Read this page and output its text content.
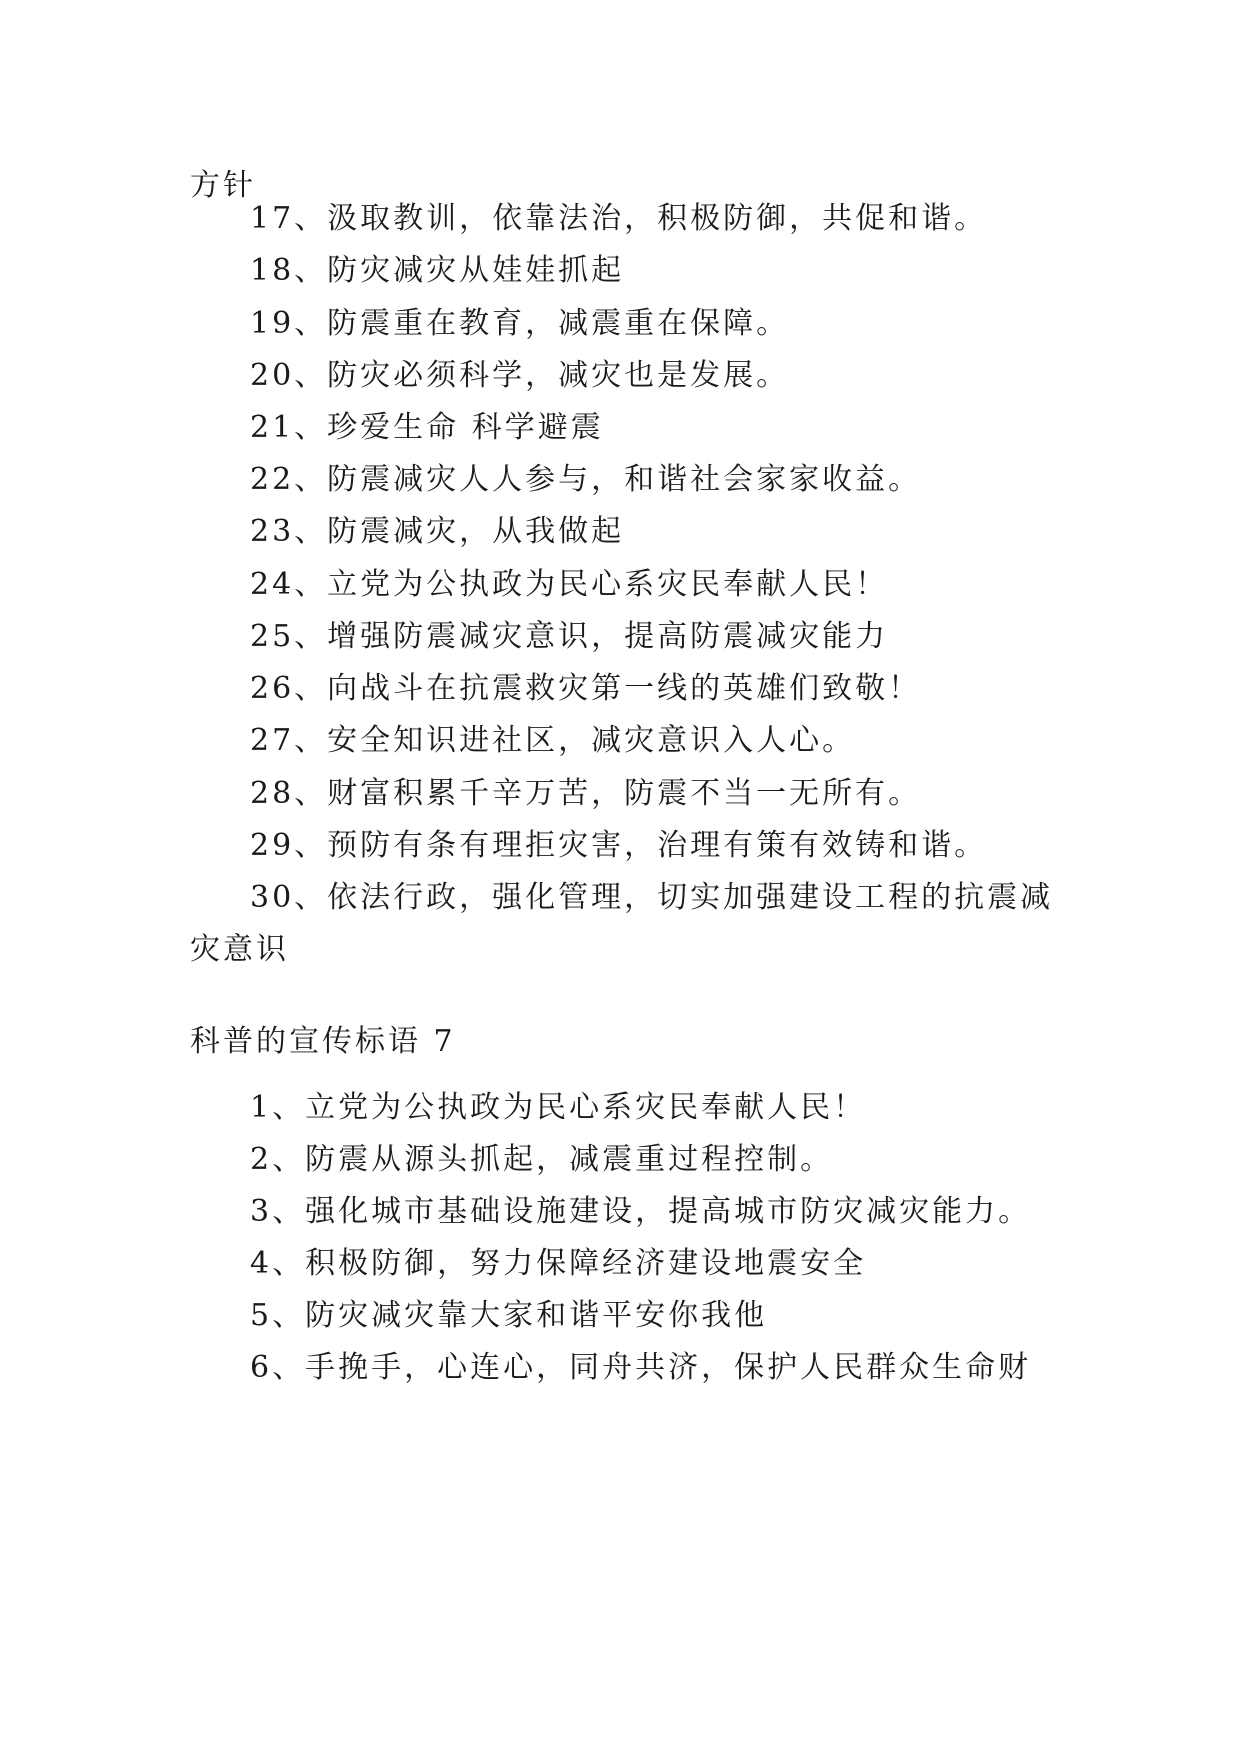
方针
17、汲取教训，依靠法治，积极防御，共促和谐。
18、防灾减灾从娃娃抓起
19、防震重在教育，减震重在保障。
20、防灾必须科学，减灾也是发展。
21、珍爱生命 科学避震
22、防震减灾人人参与，和谐社会家家收益。
23、防震减灾，从我做起
24、立党为公执政为民心系灾民奉献人民！
25、增强防震减灾意识，提高防震减灾能力
26、向战斗在抗震救灾第一线的英雄们致敬！
27、安全知识进社区，减灾意识入人心。
28、财富积累千辛万苦，防震不当一无所有。
29、预防有条有理拒灾害，治理有策有效铸和谐。
30、依法行政，强化管理，切实加强建设工程的抗震减
灾意识
科普的宣传标语 7
1、立党为公执政为民心系灾民奉献人民！
2、防震从源头抓起，减震重过程控制。
3、强化城市基础设施建设，提高城市防灾减灾能力。
4、积极防御，努力保障经济建设地震安全
5、防灾减灾靠大家和谐平安你我他
6、手挽手，心连心，同舟共济，保护人民群众生命财
